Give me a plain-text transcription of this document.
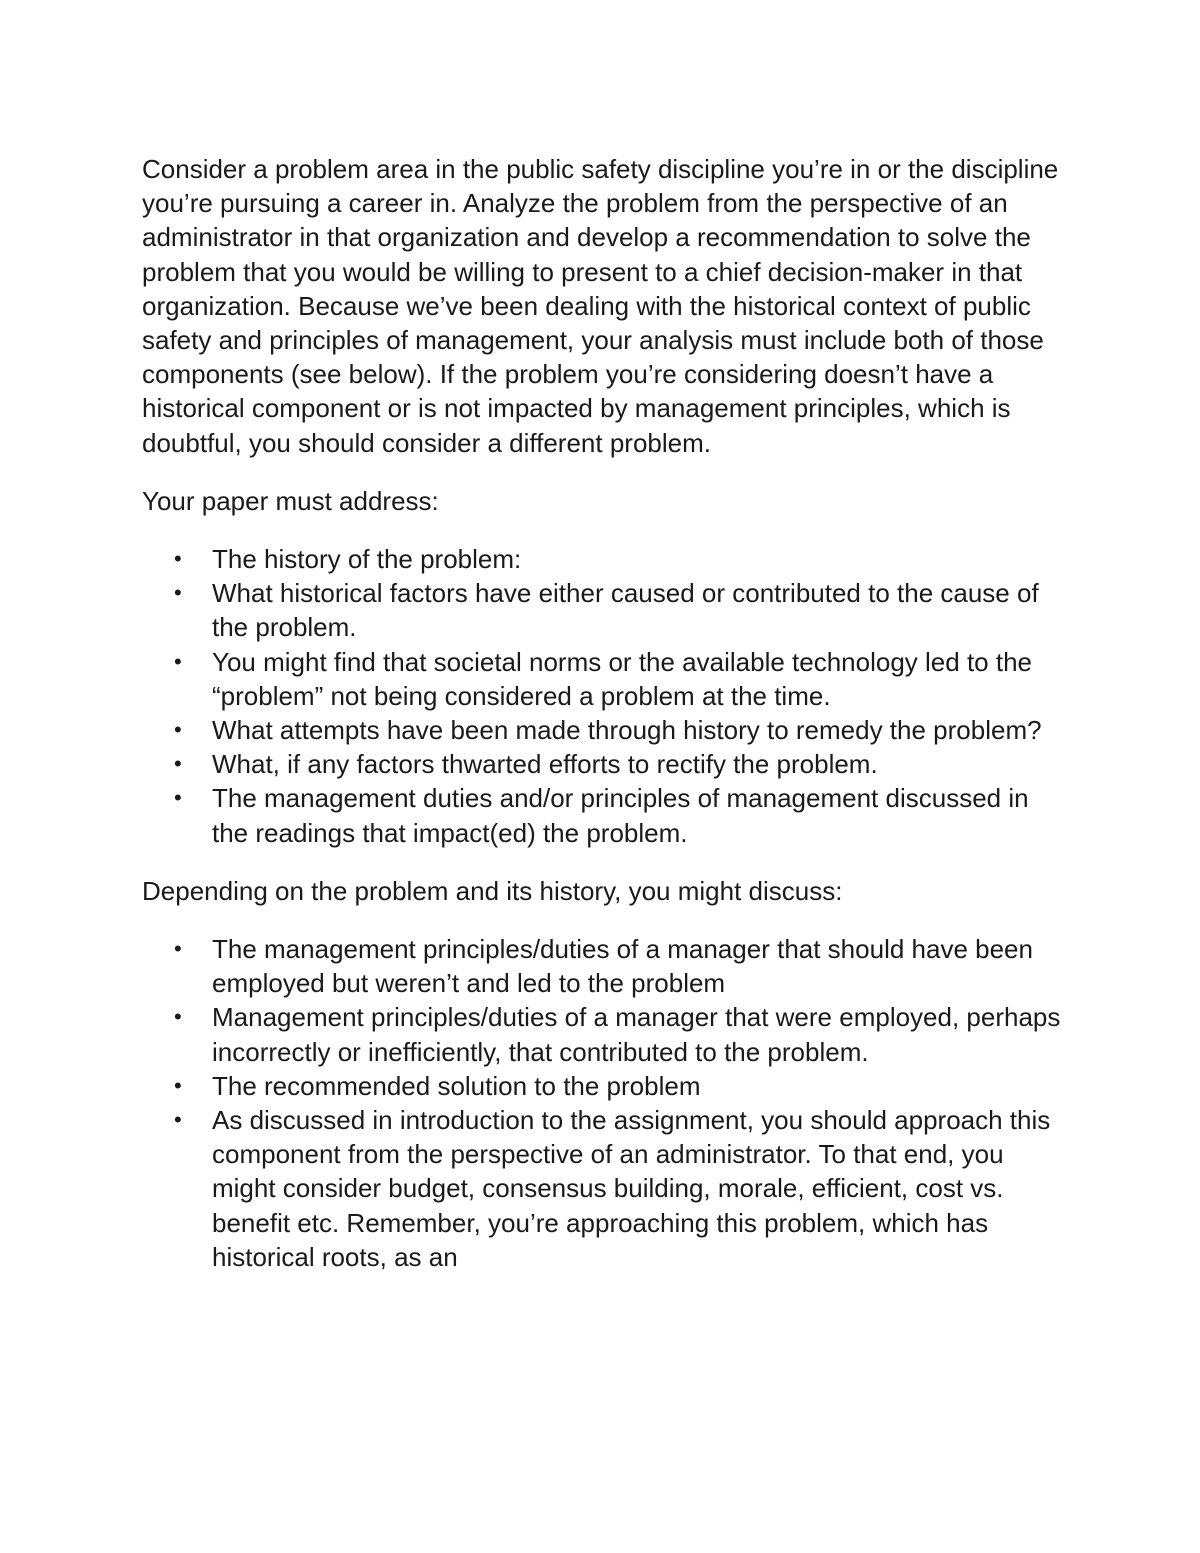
Consider a problem area in the public safety discipline you’re in or the discipline you’re pursuing a career in. Analyze the problem from the perspective of an administrator in that organization and develop a recommendation to solve the problem that you would be willing to present to a chief decision-maker in that organization. Because we’ve been dealing with the historical context of public safety and principles of management, your analysis must include both of those components (see below). If the problem you’re considering doesn’t have a historical component or is not impacted by management principles, which is doubtful, you should consider a different problem.

Your paper must address:

• The history of the problem:
• What historical factors have either caused or contributed to the cause of the problem.
• You might find that societal norms or the available technology led to the “problem” not being considered a problem at the time.
• What attempts have been made through history to remedy the problem?
• What, if any factors thwarted efforts to rectify the problem.
• The management duties and/or principles of management discussed in the readings that impact(ed) the problem.

Depending on the problem and its history, you might discuss:

• The management principles/duties of a manager that should have been employed but weren’t and led to the problem
• Management principles/duties of a manager that were employed, perhaps incorrectly or inefficiently, that contributed to the problem.
• The recommended solution to the problem
• As discussed in introduction to the assignment, you should approach this component from the perspective of an administrator. To that end, you might consider budget, consensus building, morale, efficient, cost vs. benefit etc. Remember, you’re approaching this problem, which has historical roots, as an
